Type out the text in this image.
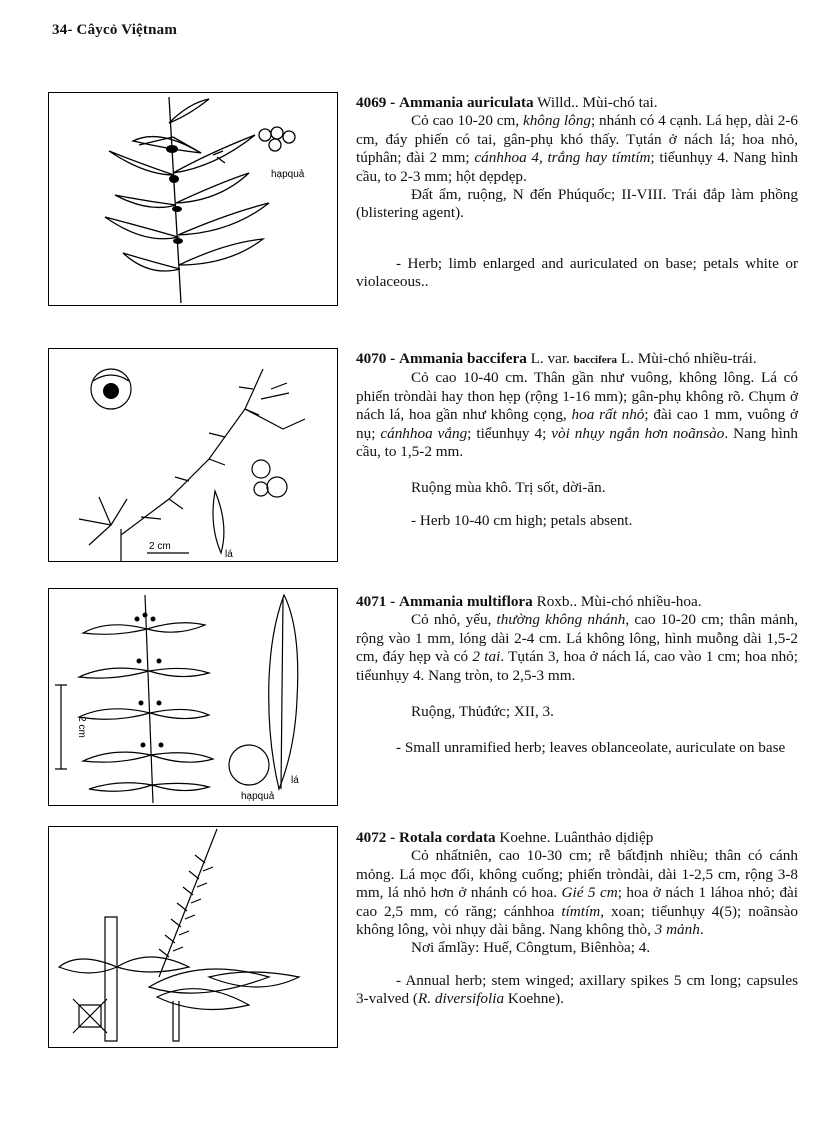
34- Câycỏ Việtnam
hạpquả
2 cm
lá
2 cm
lá
hạpquả

4069 - Ammania auriculata Willd.. Mùi-chó tai.

Cỏ cao 10-20 cm, không lông; nhánh có 4 cạnh. Lá hẹp, dài 2-6 cm, đáy phiến có tai, gân-phụ khó thấy. Tụtán ở nách lá; hoa nhỏ, túphân; đài 2 mm; cánhhoa 4, trắng hay tímtím; tiểunhụy 4. Nang hình cầu, to 2-3 mm; hột dẹpdẹp.

Đất ẩm, ruộng, N đến Phúquốc; II-VIII. Trái đắp làm phồng (blistering agent).

- Herb; limb enlarged and auriculated on base; petals white or violaceous..

4070 - Ammania baccifera L. var. baccifera L. Mùi-chó nhiều-trái.

Cỏ cao 10-40 cm. Thân gần như vuông, không lông. Lá có phiến tròndài hay thon hẹp (rộng 1-16 mm); gân-phụ không rõ. Chụm ở nách lá, hoa gần như không cọng, hoa rất nhỏ; đài cao 1 mm, vuông ở nụ; cánhhoa vắng; tiểunhụy 4; vòi nhụy ngắn hơn noãnsào. Nang hình cầu, to 1,5-2 mm.

Ruộng mùa khô. Trị sốt, dời-ăn.

- Herb 10-40 cm high; petals absent.

4071 - Ammania multiflora Roxb.. Mùi-chó nhiều-hoa.

Cỏ nhỏ, yếu, thường không nhánh, cao 10-20 cm; thân mảnh, rộng vào 1 mm, lóng dài 2-4 cm. Lá không lông, hình muỗng dài 1,5-2 cm, đáy hẹp và có 2 tai. Tụtán 3, hoa ở nách lá, cao vào 1 cm; hoa nhỏ; tiểunhụy 4. Nang tròn, to 2,5-3 mm.

Ruộng, Thủđức; XII, 3.

- Small unramified herb; leaves oblanceolate, auriculate on base

4072 - Rotala cordata Koehne. Luânthảo dịdiệp

Cỏ nhấtniên, cao 10-30 cm; rễ bấtđịnh nhiều; thân có cánh mỏng. Lá mọc đối, không cuống; phiến tròndài, dài 1-2,5 cm, rộng 3-8 mm, lá nhỏ hơn ở nhánh có hoa. Gié 5 cm; hoa ở nách 1 láhoa nhỏ; đài cao 2,5 mm, có răng; cánhhoa tímtím, xoan; tiểunhụy 4(5); noãnsào không lông, vòi nhụy dài bằng. Nang không thò, 3 mảnh.

Nơi ẩmlầy: Huế, Côngtum, Biênhòa; 4.

- Annual herb; stem winged; axillary spikes 5 cm long; capsules 3-valved (R. diversifolia Koehne).
